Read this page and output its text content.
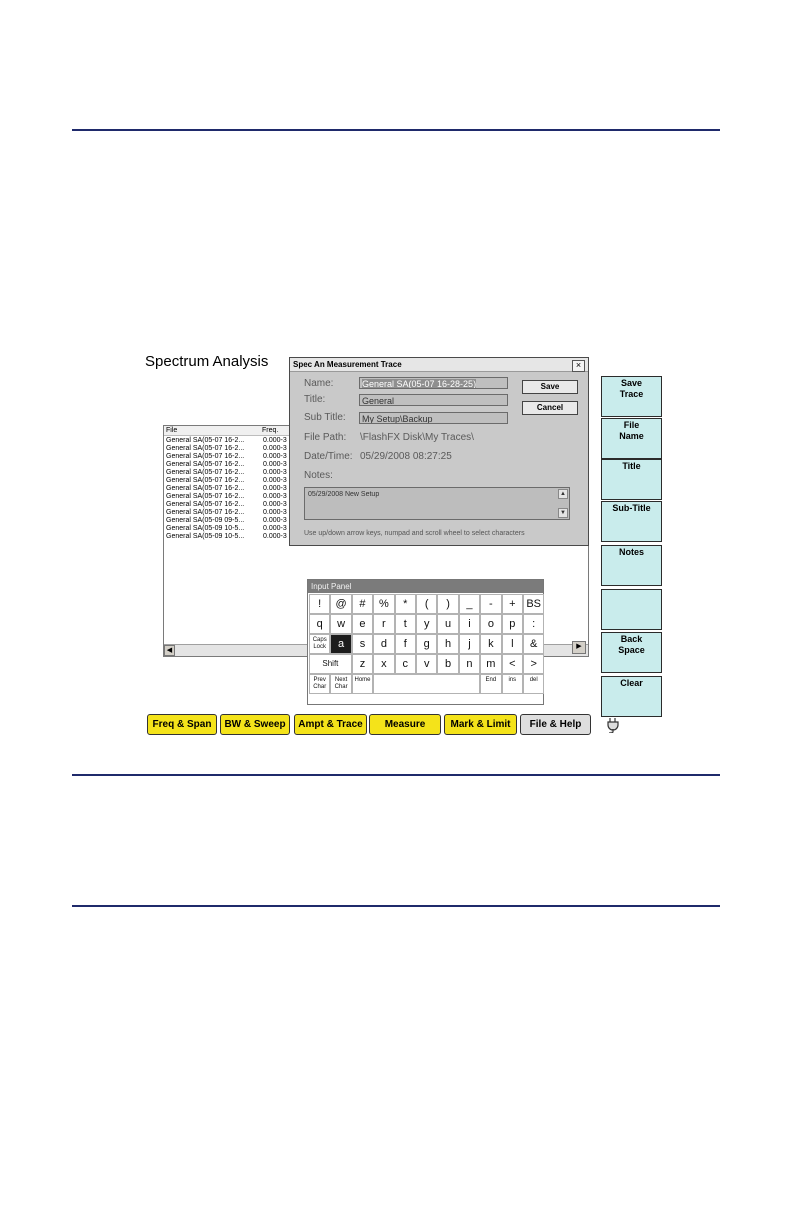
Spectrum Analysis
File	Freq.
General SA(05-07 16-2...	0.000-3
General SA(05-07 16-2...	0.000-3
General SA(05-07 16-2...	0.000-3
General SA(05-07 16-2...	0.000-3
General SA(05-07 16-2...	0.000-3
General SA(05-07 16-2...	0.000-3
General SA(05-07 16-2...	0.000-3
General SA(05-07 16-2...	0.000-3
General SA(05-07 16-2...	0.000-3
General SA(05-07 16-2...	0.000-3
General SA(05-09 09-5...	0.000-3
General SA(05-09 10-5...	0.000-3
General SA(05-09 10-5...	0.000-3
◀
▶
Spec An Measurement Trace	×
Name:	General SA(05-07 16-28-25)
Title:	General
Sub Title:	My Setup\Backup
File Path: \FlashFX Disk\My Traces\
Date/Time: 05/29/2008 08:27:25
Notes:
05/29/2008 New Setup	▲
▼
Save
Cancel
Use up/down arrow keys, numpad and scroll wheel to select characters
Input Panel
!	@	#	%	*	(	)	_	-	+ BS
q	w	e	r	t	y	u	i	o	p	:
Caps Lock	a	s	d	f	g	h	j	k	l	&
Shift	z	x	c	v	b	n	m	<	>
Prev Char
Next Char
Home	End	ins	del
Save
Trace
File
Name
Title
Sub-Title
Notes
Back
Space
Clear
Freq & Span	BW & Sweep	Ampt & Trace	Measure	Mark & Limit	File & Help
